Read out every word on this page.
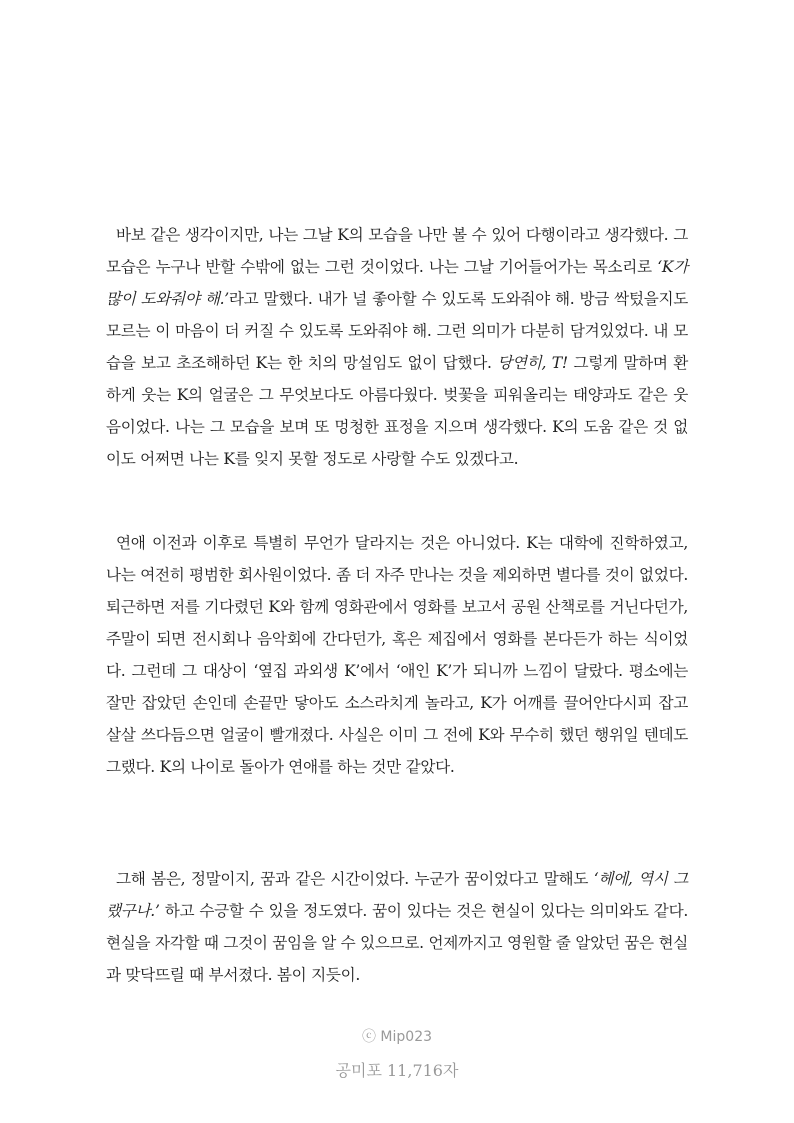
바보 같은 생각이지만, 나는 그날 K의 모습을 나만 볼 수 있어 다행이라고 생각했다. 그 모습은 누구나 반할 수밖에 없는 그런 것이었다. 나는 그날 기어들어가는 목소리로 ‘K가 많이 도와줘야 해.’라고 말했다. 내가 널 좋아할 수 있도록 도와줘야 해. 방금 싹텄을지도 모르는 이 마음이 더 커질 수 있도록 도와줘야 해. 그런 의미가 다분히 담겨있었다. 내 모습을 보고 초조해하던 K는 한 치의 망설임도 없이 답했다. 당연히, T! 그렇게 말하며 환하게 웃는 K의 얼굴은 그 무엇보다도 아름다웠다. 벚꽃을 피워올리는 태양과도 같은 웃음이었다. 나는 그 모습을 보며 또 멍청한 표정을 지으며 생각했다. K의 도움 같은 것 없이도 어쩌면 나는 K를 잊지 못할 정도로 사랑할 수도 있겠다고.

연애 이전과 이후로 특별히 무언가 달라지는 것은 아니었다. K는 대학에 진학하였고, 나는 여전히 평범한 회사원이었다. 좀 더 자주 만나는 것을 제외하면 별다를 것이 없었다. 퇴근하면 저를 기다렸던 K와 함께 영화관에서 영화를 보고서 공원 산책로를 거닌다던가, 주말이 되면 전시회나 음악회에 간다던가, 혹은 제집에서 영화를 본다든가 하는 식이었다. 그런데 그 대상이 ‘옆집 과외생 K’에서 ‘애인 K’가 되니까 느낌이 달랐다. 평소에는 잘만 잡았던 손인데 손끝만 닿아도 소스라치게 놀라고, K가 어깨를 끌어안다시피 잡고 살살 쓰다듬으면 얼굴이 빨개졌다. 사실은 이미 그 전에 K와 무수히 했던 행위일 텐데도 그랬다. K의 나이로 돌아가 연애를 하는 것만 같았다.

그해 봄은, 정말이지, 꿈과 같은 시간이었다. 누군가 꿈이었다고 말해도 ‘헤에, 역시 그랬구나.’ 하고 수긍할 수 있을 정도였다. 꿈이 있다는 것은 현실이 있다는 의미와도 같다. 현실을 자각할 때 그것이 꿈임을 알 수 있으므로. 언제까지고 영원할 줄 알았던 꿈은 현실과 맞닥뜨릴 때 부서졌다. 봄이 지듯이.

ⓒ Mip023
공미포 11,716자
